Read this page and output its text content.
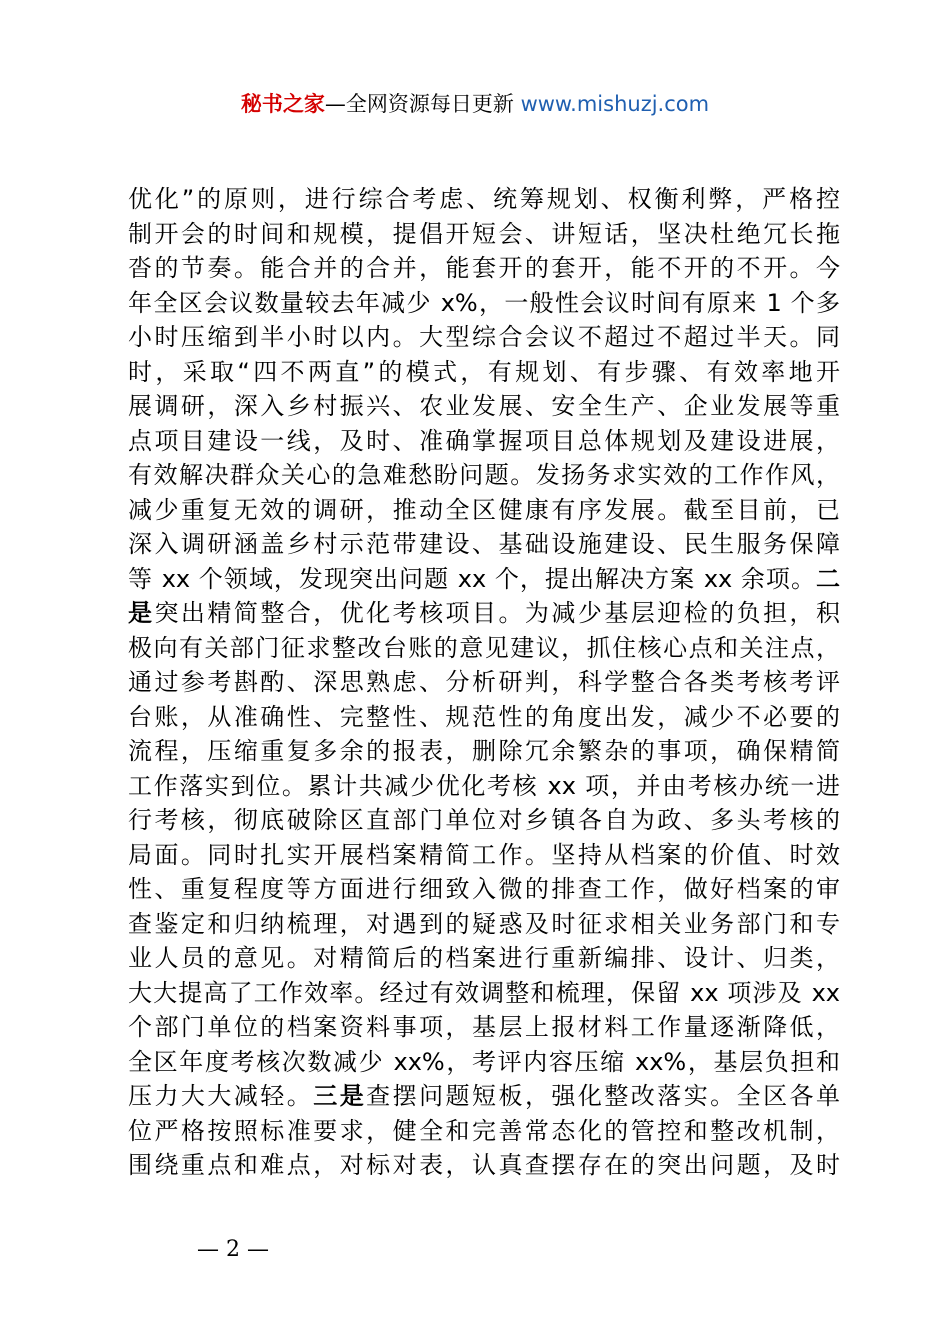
秘书之家—全网资源每日更新 www.mishuzj.com
优化”的原则，进行综合考虑、统筹规划、权衡利弊，严格控
制开会的时间和规模，提倡开短会、讲短话，坚决杜绝冗长拖
沓的节奏。能合并的合并，能套开的套开，能不开的不开。今
年全区会议数量较去年减少 x%，一般性会议时间有原来 1 个多
小时压缩到半小时以内。大型综合会议不超过不超过半天。同
时，采取“四不两直”的模式，有规划、有步骤、有效率地开
展调研，深入乡村振兴、农业发展、安全生产、企业发展等重
点项目建设一线，及时、准确掌握项目总体规划及建设进展，
有效解决群众关心的急难愁盼问题。发扬务求实效的工作作风，
减少重复无效的调研，推动全区健康有序发展。截至目前，已
深入调研涵盖乡村示范带建设、基础设施建设、民生服务保障
等 xx 个领域，发现突出问题 xx 个，提出解决方案 xx 余项。二
是突出精简整合，优化考核项目。为减少基层迎检的负担，积
极向有关部门征求整改台账的意见建议，抓住核心点和关注点，
通过参考斟酌、深思熟虑、分析研判，科学整合各类考核考评
台账，从准确性、完整性、规范性的角度出发，减少不必要的
流程，压缩重复多余的报表，删除冗余繁杂的事项，确保精简
工作落实到位。累计共减少优化考核 xx 项，并由考核办统一进
行考核，彻底破除区直部门单位对乡镇各自为政、多头考核的
局面。同时扎实开展档案精简工作。坚持从档案的价值、时效
性、重复程度等方面进行细致入微的排查工作，做好档案的审
查鉴定和归纳梳理，对遇到的疑惑及时征求相关业务部门和专
业人员的意见。对精简后的档案进行重新编排、设计、归类，
大大提高了工作效率。经过有效调整和梳理，保留 xx 项涉及 xx
个部门单位的档案资料事项，基层上报材料工作量逐渐降低，
全区年度考核次数减少 xx%，考评内容压缩 xx%，基层负担和
压力大大减轻。三是查摆问题短板，强化整改落实。全区各单
位严格按照标准要求，健全和完善常态化的管控和整改机制，
围绕重点和难点，对标对表，认真查摆存在的突出问题，及时
— 2 —
